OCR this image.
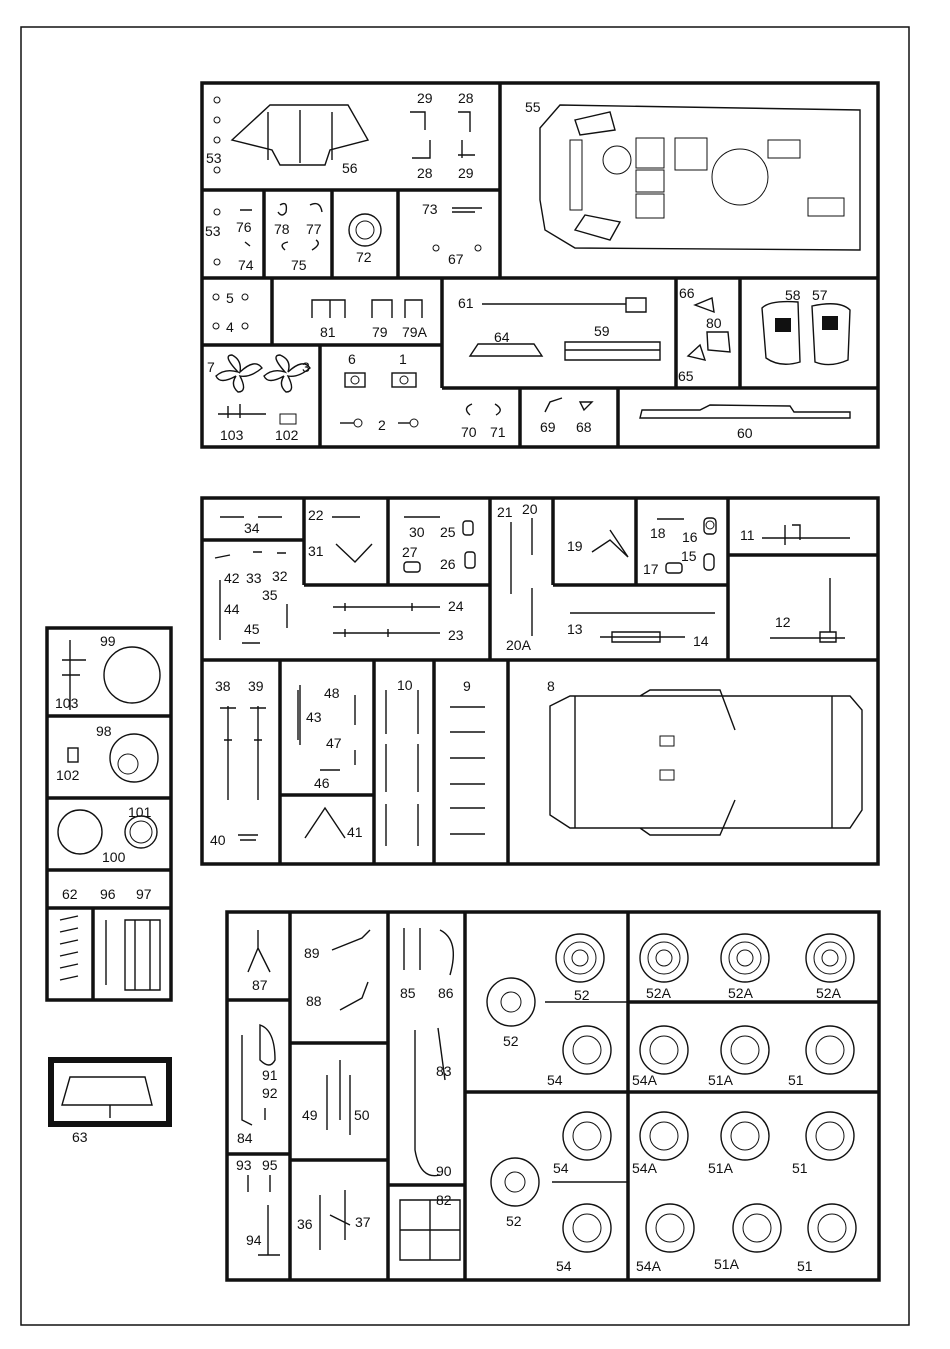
53
56
29 28
28 29
55
53 76
74
78 77
75	72
73
67
5
4	81	79 79A
61
64	59
66
80
65
58 57
7	3	6	1
2
103 102	70 71 69 68	60
34
22
31
30 25
27
26
21 20
20A
19
18 16
15
17
11
42 33 32
44
35
45
24
23	13
14
12
38 39
40
48
43
47
46
41
10	9	8
99
103
98
102
101
100
62 96 97
63
87
89
88	85 86	52	52A	52A	52A
52
54	54A	51A	51
91
92
84
49	50
83
90	54	54A	51A	51
52
93 95
94
36	37
82
54	54A	51A	51
